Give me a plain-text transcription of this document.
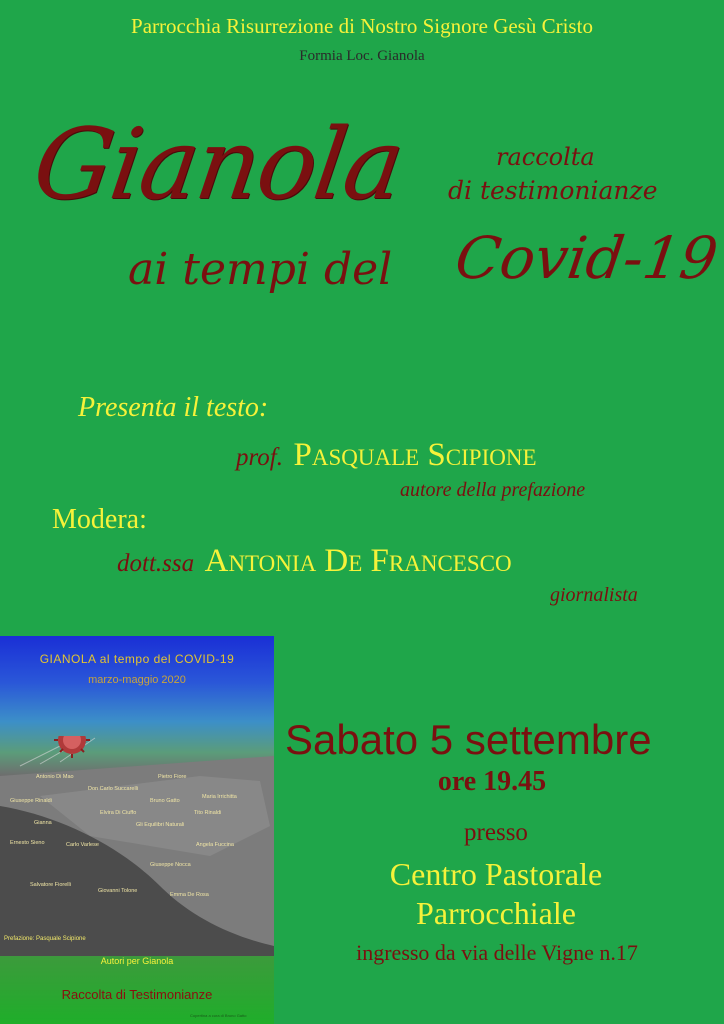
Parrocchia Risurrezione di Nostro Signore Gesù Cristo
Formia Loc. Gianola
Gianola	raccolta
di testimonianze
ai tempi del Covid-19
Presenta il testo:
prof. Pasquale Scipione
autore della prefazione
Modera:
dott.ssa Antonia De Francesco
giornalista
Sabato 5 settembre
ore 19.45
presso
Centro Pastorale
Parrocchiale
ingresso da via delle Vigne n.17
GIANOLA al tempo del COVID-19
marzo-maggio 2020
Antonio Di Mao	Pietro Fiore
Don Carlo Succarelli
Giuseppe Rinaldi	Bruno Gatto
Maria Irrichitta
Elvira Di Ciuffo	Tito Rinaldi
Gianna	Gli Equilibri Naturali
Ernesto Sieno	Carlo Varlese	Angela Fuccina
Giuseppe Nocca
Salvatore Fiorelli
Giovanni Tolone
Emma De Rosa
Prefazione: Pasquale Scipione
Autori per Gianola
Raccolta di Testimonianze
Copertina a cura di Bruno Gatto
